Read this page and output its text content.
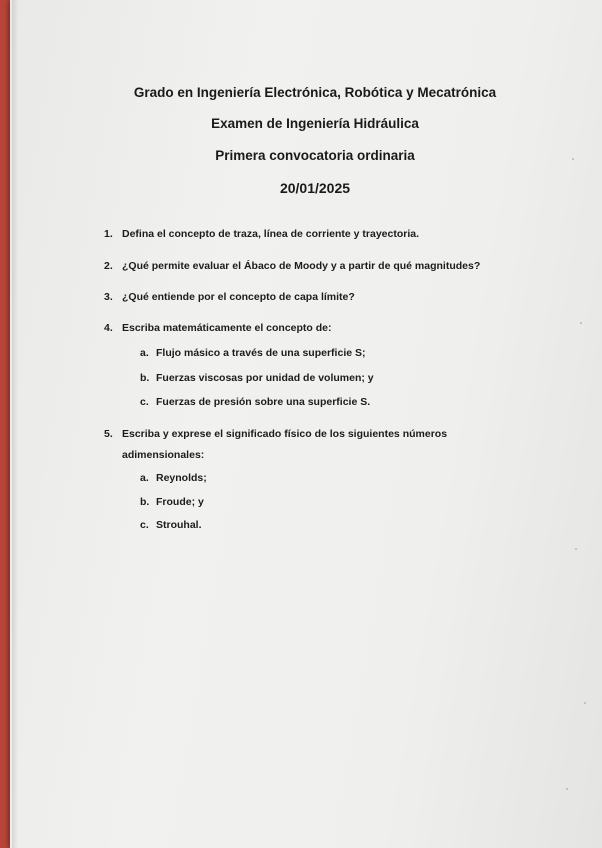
Grado en Ingeniería Electrónica, Robótica y Mecatrónica
Examen de Ingeniería Hidráulica
Primera convocatoria ordinaria
20/01/2025
1. Defina el concepto de traza, línea de corriente y trayectoria.
2. ¿Qué permite evaluar el Ábaco de Moody y a partir de qué magnitudes?
3. ¿Qué entiende por el concepto de capa límite?
4. Escriba matemáticamente el concepto de:
a. Flujo másico a través de una superficie S;
b. Fuerzas viscosas por unidad de volumen; y
c. Fuerzas de presión sobre una superficie S.
5. Escriba y exprese el significado físico de los siguientes números
adimensionales:
a. Reynolds;
b. Froude; y
c. Strouhal.
